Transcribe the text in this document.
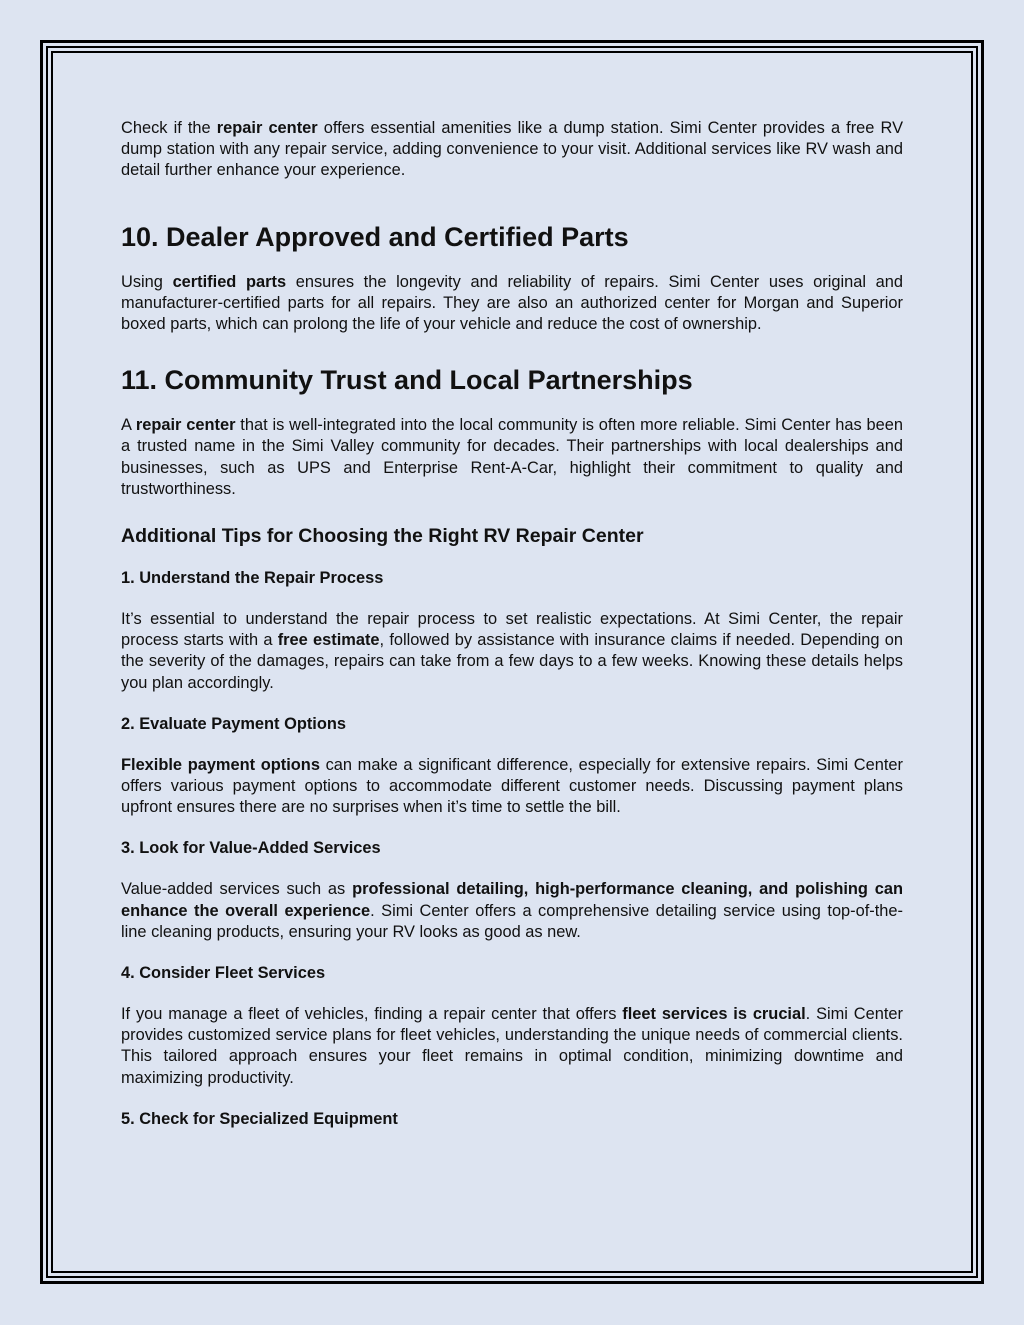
Check if the repair center offers essential amenities like a dump station. Simi Center provides a free RV dump station with any repair service, adding convenience to your visit. Additional services like RV wash and detail further enhance your experience.

10. Dealer Approved and Certified Parts

Using certified parts ensures the longevity and reliability of repairs. Simi Center uses original and manufacturer-certified parts for all repairs. They are also an authorized center for Morgan and Superior boxed parts, which can prolong the life of your vehicle and reduce the cost of ownership.

11. Community Trust and Local Partnerships

A repair center that is well-integrated into the local community is often more reliable. Simi Center has been a trusted name in the Simi Valley community for decades. Their partnerships with local dealerships and businesses, such as UPS and Enterprise Rent-A-Car, highlight their commitment to quality and trustworthiness.

Additional Tips for Choosing the Right RV Repair Center
1. Understand the Repair Process

It’s essential to understand the repair process to set realistic expectations. At Simi Center, the repair process starts with a free estimate, followed by assistance with insurance claims if needed. Depending on the severity of the damages, repairs can take from a few days to a few weeks. Knowing these details helps you plan accordingly.

2. Evaluate Payment Options

Flexible payment options can make a significant difference, especially for extensive repairs. Simi Center offers various payment options to accommodate different customer needs. Discussing payment plans upfront ensures there are no surprises when it’s time to settle the bill.

3. Look for Value-Added Services

Value-added services such as professional detailing, high-performance cleaning, and polishing can enhance the overall experience. Simi Center offers a comprehensive detailing service using top-of-the-line cleaning products, ensuring your RV looks as good as new.

4. Consider Fleet Services

If you manage a fleet of vehicles, finding a repair center that offers fleet services is crucial. Simi Center provides customized service plans for fleet vehicles, understanding the unique needs of commercial clients. This tailored approach ensures your fleet remains in optimal condition, minimizing downtime and maximizing productivity.

5. Check for Specialized Equipment
